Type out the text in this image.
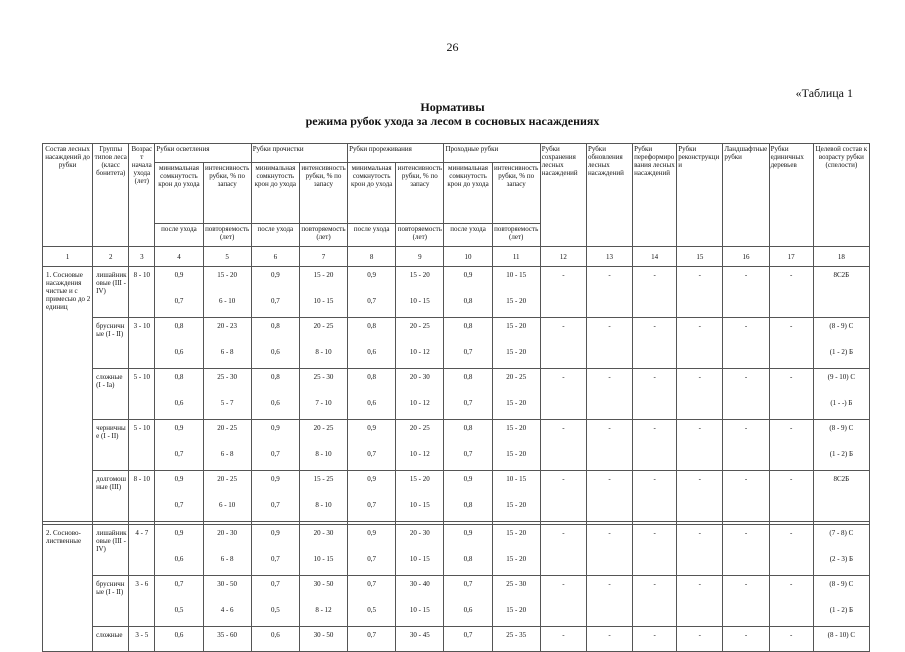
26
«Таблица 1
Нормативы
режима рубок ухода за лесом в сосновых насаждениях
Состав лесных насаждений до рубки	Группы типов леса (класс бонитета)	Возраст начала ухода (лет)	Рубки осветления		Рубки прочистки		Рубки прореживания		Проходные рубки		Рубки сохранения лесных насаждений	Рубки обновления лесных насаждений	Рубки переформирования лесных насаждений	Рубки реконструкции	Ландшафтные рубки	Рубки единичных деревьев	Целевой состав к возрасту рубки (спелости)
			минимальная сомкнутость крон до ухода	интенсивность рубки, % по запасу	минимальная сомкнутость крон до ухода	интенсивность рубки, % по запасу	минимальная сомкнутость крон до ухода	интенсивность рубки, % по запасу	минимальная сомкнутость крон до ухода	интенсивность рубки, % по запасу							
			после ухода	повторяемость (лет)	после ухода	повторяемость (лет)	после ухода	повторяемость (лет)	после ухода	повторяемость (лет)							
1	2	3	4	5	6	7	8	9	10	11	12	13	14	15	16	17	18
1. Сосновые насаждения чистые и с примесью до 2 единиц	лишайниковые (III - IV)	8 - 10	0,9	15 - 20	0,9	15 - 20	0,9	15 - 20	0,9	10 - 15	-	-	-	-	-	-	8С2Б
			0,7	6 - 10	0,7	10 - 15	0,7	10 - 15	0,8	15 - 20							
	брусничные (I - II)	3 - 10	0,8	20 - 23	0,8	20 - 25	0,8	20 - 25	0,8	15 - 20	-	-	-	-	-	-	(8 - 9) С
			0,6	6 - 8	0,6	8 - 10	0,6	10 - 12	0,7	15 - 20							(1 - 2) Б
	сложные (I - Ia)	5 - 10	0,8	25 - 30	0,8	25 - 30	0,8	20 - 30	0,8	20 - 25	-	-	-	-	-	-	(9 - 10) С
			0,6	5 - 7	0,6	7 - 10	0,6	10 - 12	0,7	15 - 20							(1 - -) Б
	черничные (I - II)	5 - 10	0,9	20 - 25	0,9	20 - 25	0,9	20 - 25	0,8	15 - 20	-	-	-	-	-	-	(8 - 9) С
			0,7	6 - 8	0,7	8 - 10	0,7	10 - 12	0,7	15 - 20							(1 - 2) Б
	долгомошные (III)	8 - 10	0,9	20 - 25	0,9	15 - 25	0,9	15 - 20	0,9	10 - 15	-	-	-	-	-	-	8С2Б
			0,7	6 - 10	0,7	8 - 10	0,7	10 - 15	0,8	15 - 20							

2. Сосново-лиственные	лишайниковые (III - IV)	4 - 7	0,9	20 - 30	0,9	20 - 30	0,9	20 - 30	0,9	15 - 20	-	-	-	-	-	-	(7 - 8) С
			0,6	6 - 8	0,7	10 - 15	0,7	10 - 15	0,8	15 - 20							(2 - 3) Б
	брусничные (I - II)	3 - 6	0,7	30 - 50	0,7	30 - 50	0,7	30 - 40	0,7	25 - 30	-	-	-	-	-	-	(8 - 9) С
			0,5	4 - 6	0,5	8 - 12	0,5	10 - 15	0,6	15 - 20							(1 - 2) Б
	сложные	3 - 5	0,6	35 - 60	0,6	30 - 50	0,7	30 - 45	0,7	25 - 35	-	-	-	-	-	-	(8 - 10) С
